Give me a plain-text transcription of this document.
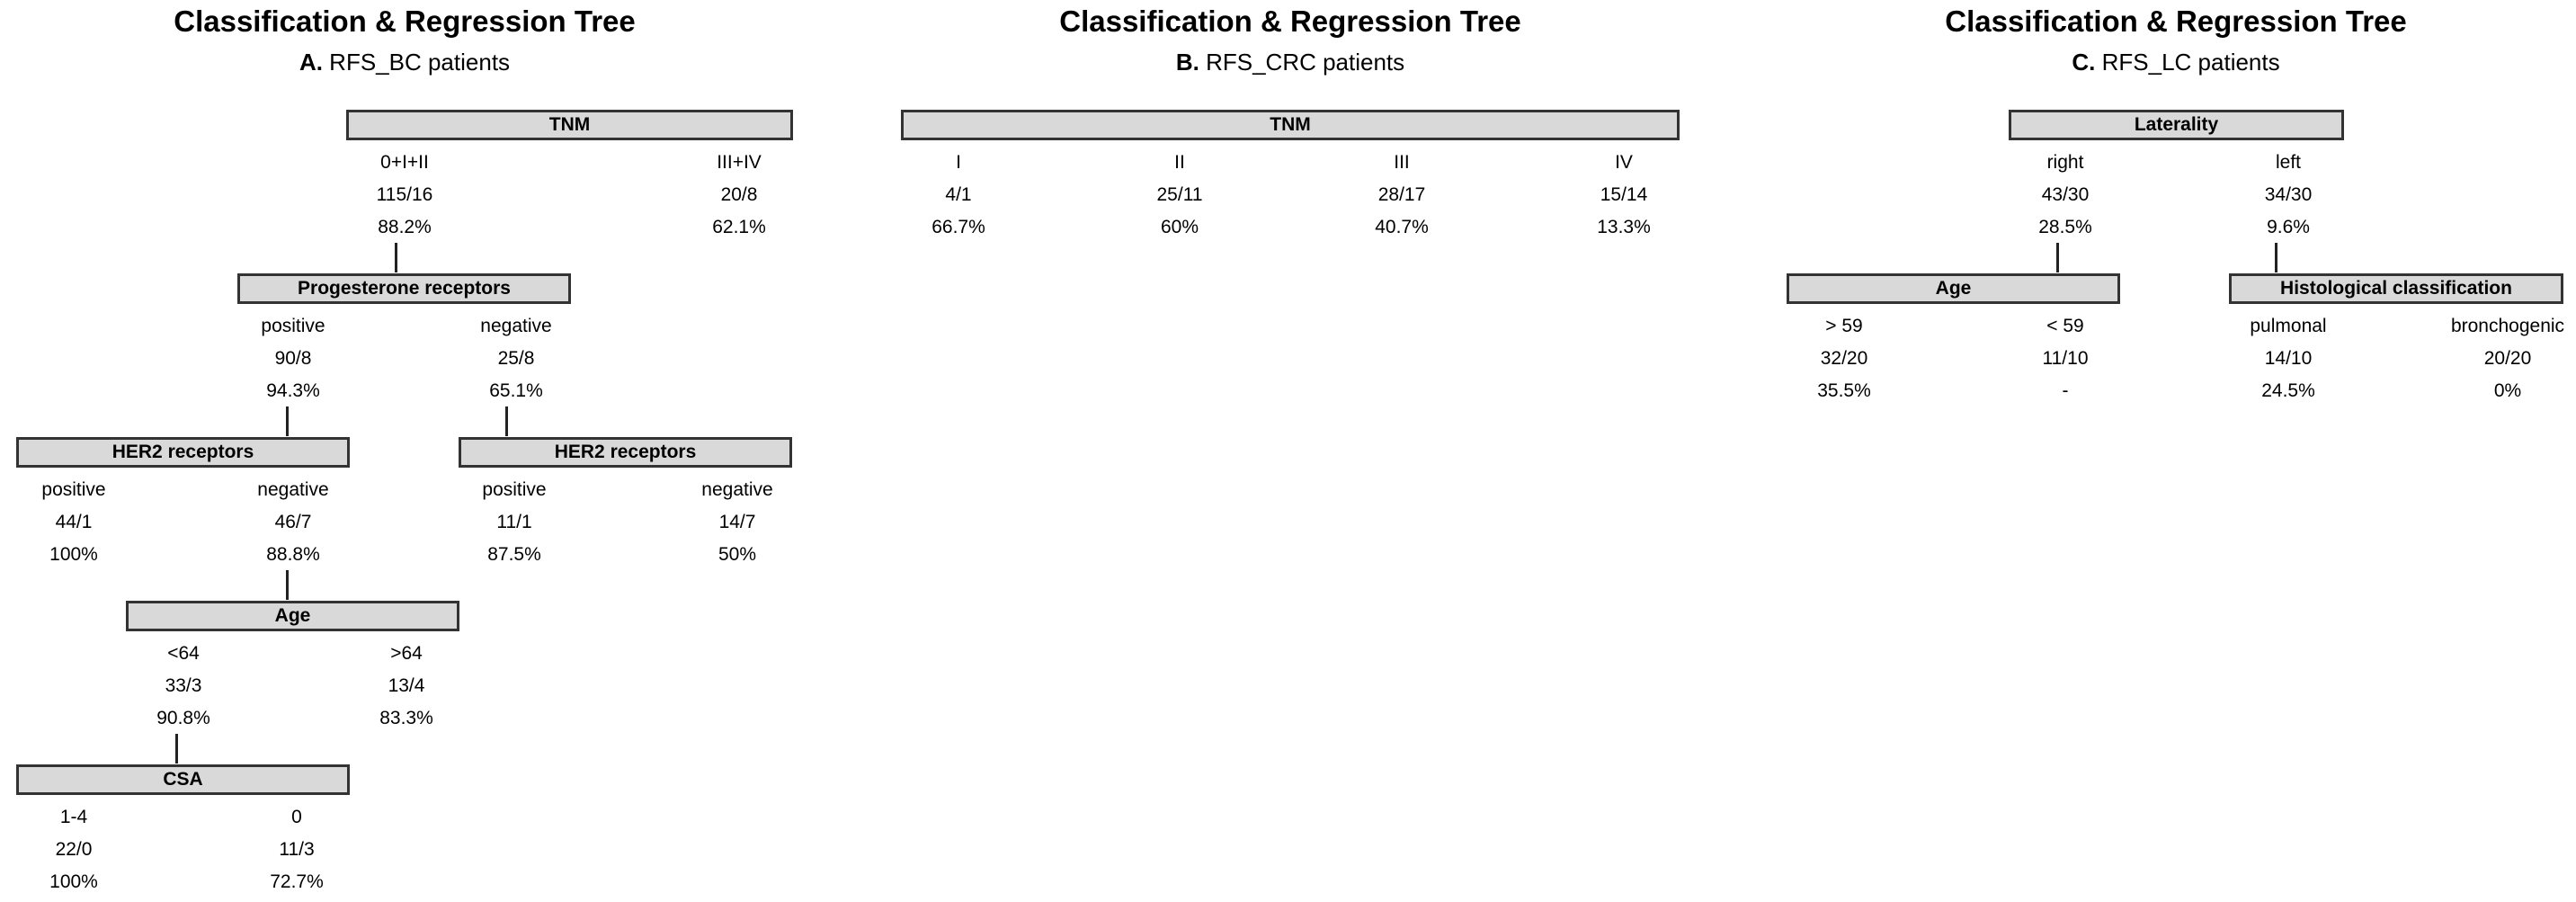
Classification & Regression Tree
A. RFS_BC patients
Classification & Regression Tree
B. RFS_CRC patients
Classification & Regression Tree
C. RFS_LC patients
TNM
0+I+II
115/16
88.2%
III+IV
20/8
62.1%
Progesterone receptors
positive
90/8
94.3%
negative
25/8
65.1%
HER2 receptors
positive
44/1
100%
negative
46/7
88.8%
HER2 receptors
positive
11/1
87.5%
negative
14/7
50%
Age
<64
33/3
90.8%
>64
13/4
83.3%
CSA
1-4
22/0
100%
0
11/3
72.7%
TNM
I
4/1
66.7%
II
25/11
60%
III
28/17
40.7%
IV
15/14
13.3%
Laterality
right
43/30
28.5%
left
34/30
9.6%
Age
> 59
32/20
35.5%
< 59
11/10
-
Histological classification
pulmonal
14/10
24.5%
bronchogenic
20/20
0%
